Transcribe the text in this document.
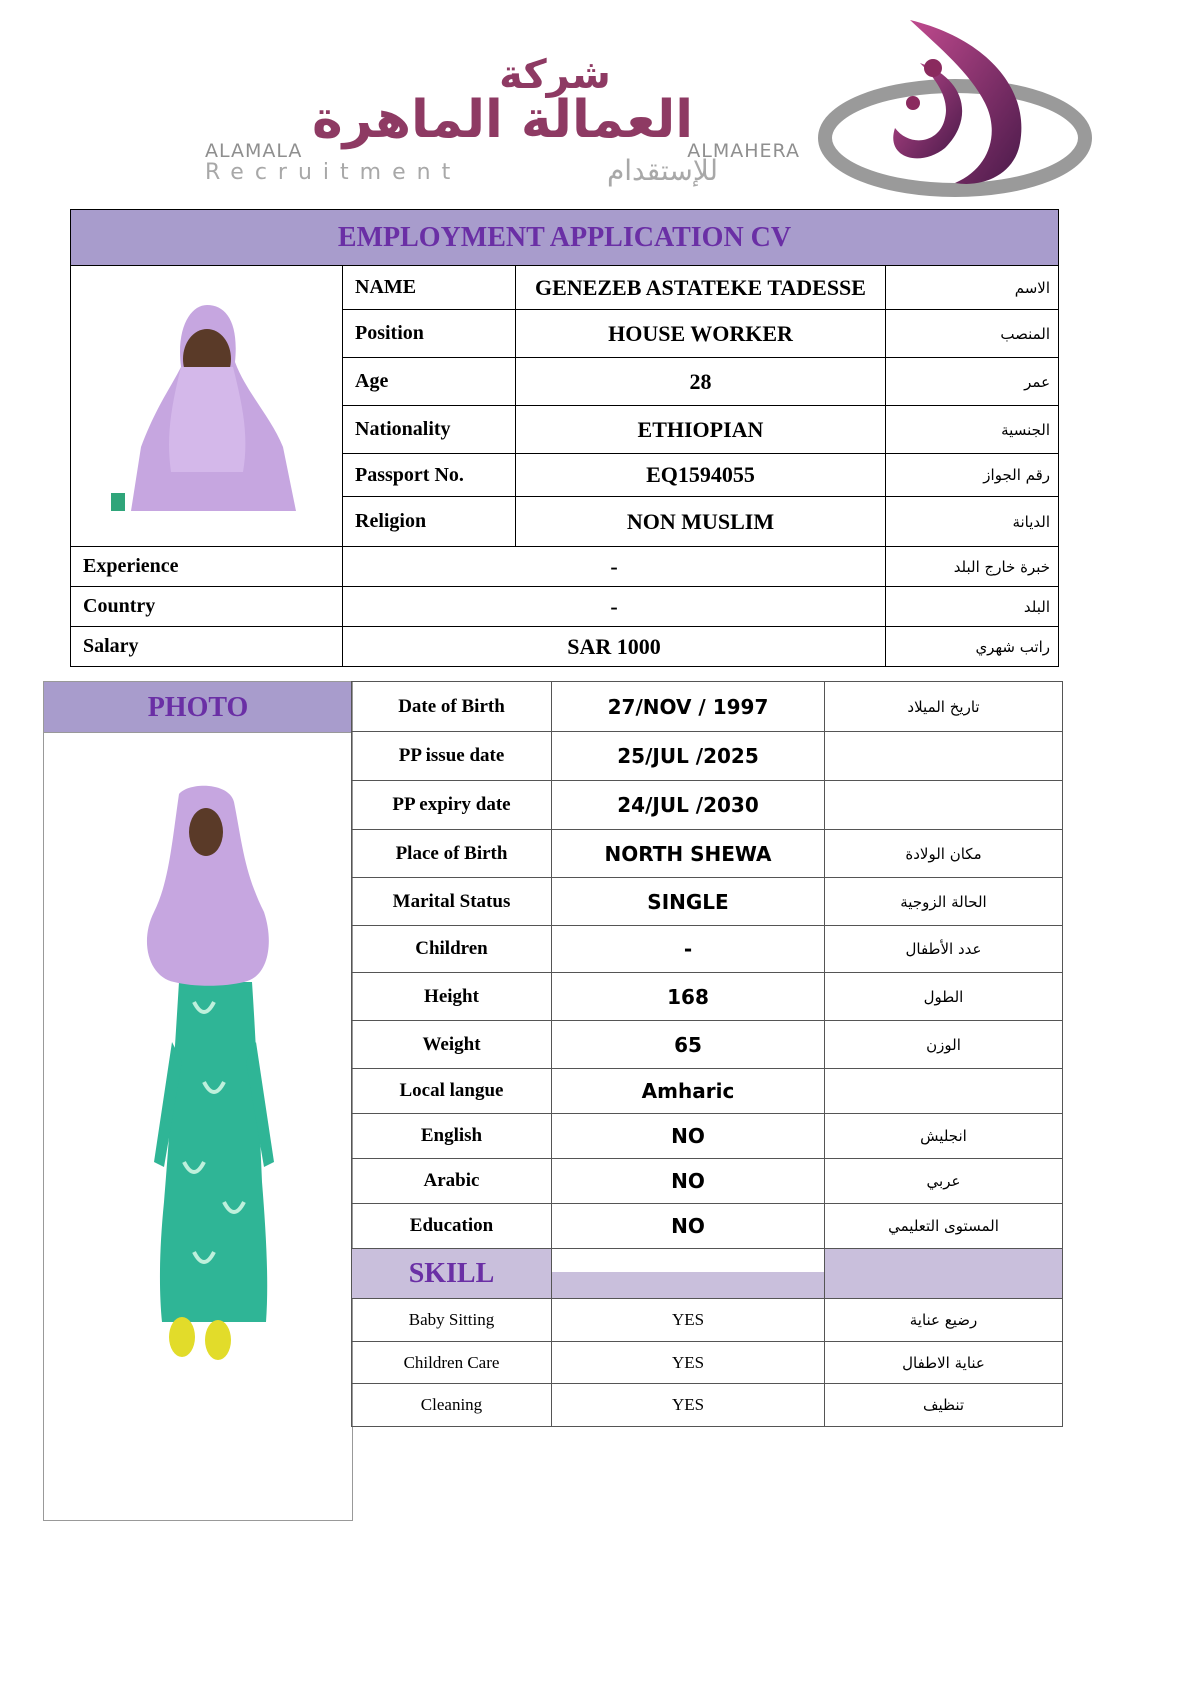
شركة
العمالة الماهرة
ALAMALA ALMAHERA
Recruitment	للإستقدام
EMPLOYMENT APPLICATION CV			
	NAME	GENEZEB ASTATEKE TADESSE	الاسم
	Position	HOUSE WORKER	المنصب
	Age	28	عمر
	Nationality	ETHIOPIAN	الجنسية
	Passport No.	EQ1594055	رقم الجواز
	Religion	NON MUSLIM	الديانة
Experience	-		خبرة خارج البلد
Country	-		البلد
Salary	SAR 1000		راتب شهري
PHOTO	Date of Birth	27/NOV / 1997	تاريخ الميلاد
PP issue date	25/JUL /2025	
PP expiry date	24/JUL /2030	
Place of Birth	NORTH SHEWA	مكان الولادة
Marital Status	SINGLE	الحالة الزوجية
Children	-	عدد الأطفال
Height	168	الطول
Weight	65	الوزن
Local langue	Amharic	
English	NO	انجليش
Arabic	NO	عربي
Education	NO	المستوى التعليمي
SKILL	

Baby Sitting	YES	رضيع عناية
Children Care	YES	عناية الاطفال
Cleaning	YES	تنظيف
